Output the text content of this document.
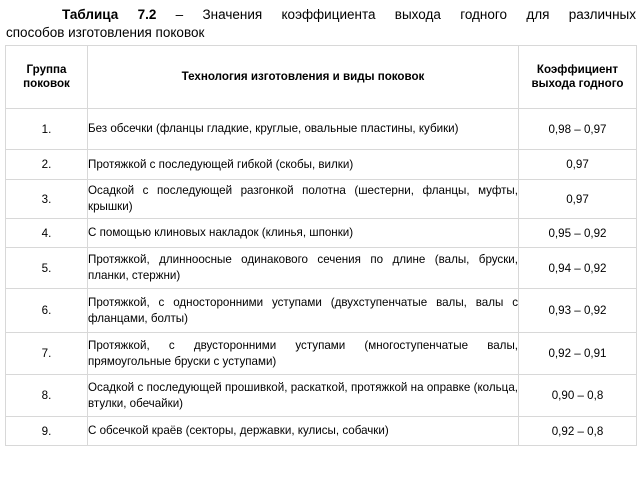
Таблица 7.2 – Значения коэффициента выхода годного для различных
способов изготовления поковок
Группа поковок	Технология изготовления и виды поковок	Коэффициент выхода годного
1.	Без обсечки (фланцы гладкие, круглые, овальные пластины, кубики)	0,98 – 0,97
2.	Протяжкой с последующей гибкой (скобы, вилки)	0,97
3.	Осадкой с последующей разгонкой полотна (шестерни, фланцы, муфты, крышки)	0,97
4.	С помощью клиновых накладок (клинья, шпонки)	0,95 – 0,92
5.	Протяжкой, длинноосные одинакового сечения по длине (валы, бруски, планки, стержни)	0,94 – 0,92
6.	Протяжкой, с односторонними уступами (двухступенчатые валы, валы с фланцами, болты)	0,93 – 0,92
7.	Протяжкой, с двусторонними уступами (многоступенчатые валы, прямоугольные бруски с уступами)	0,92 – 0,91
8.	Осадкой с последующей прошивкой, раскаткой, протяжкой на оправке (кольца, втулки, обечайки)	0,90 – 0,8
9.	С обсечкой краёв (секторы, державки, кулисы, собачки)	0,92 – 0,8
